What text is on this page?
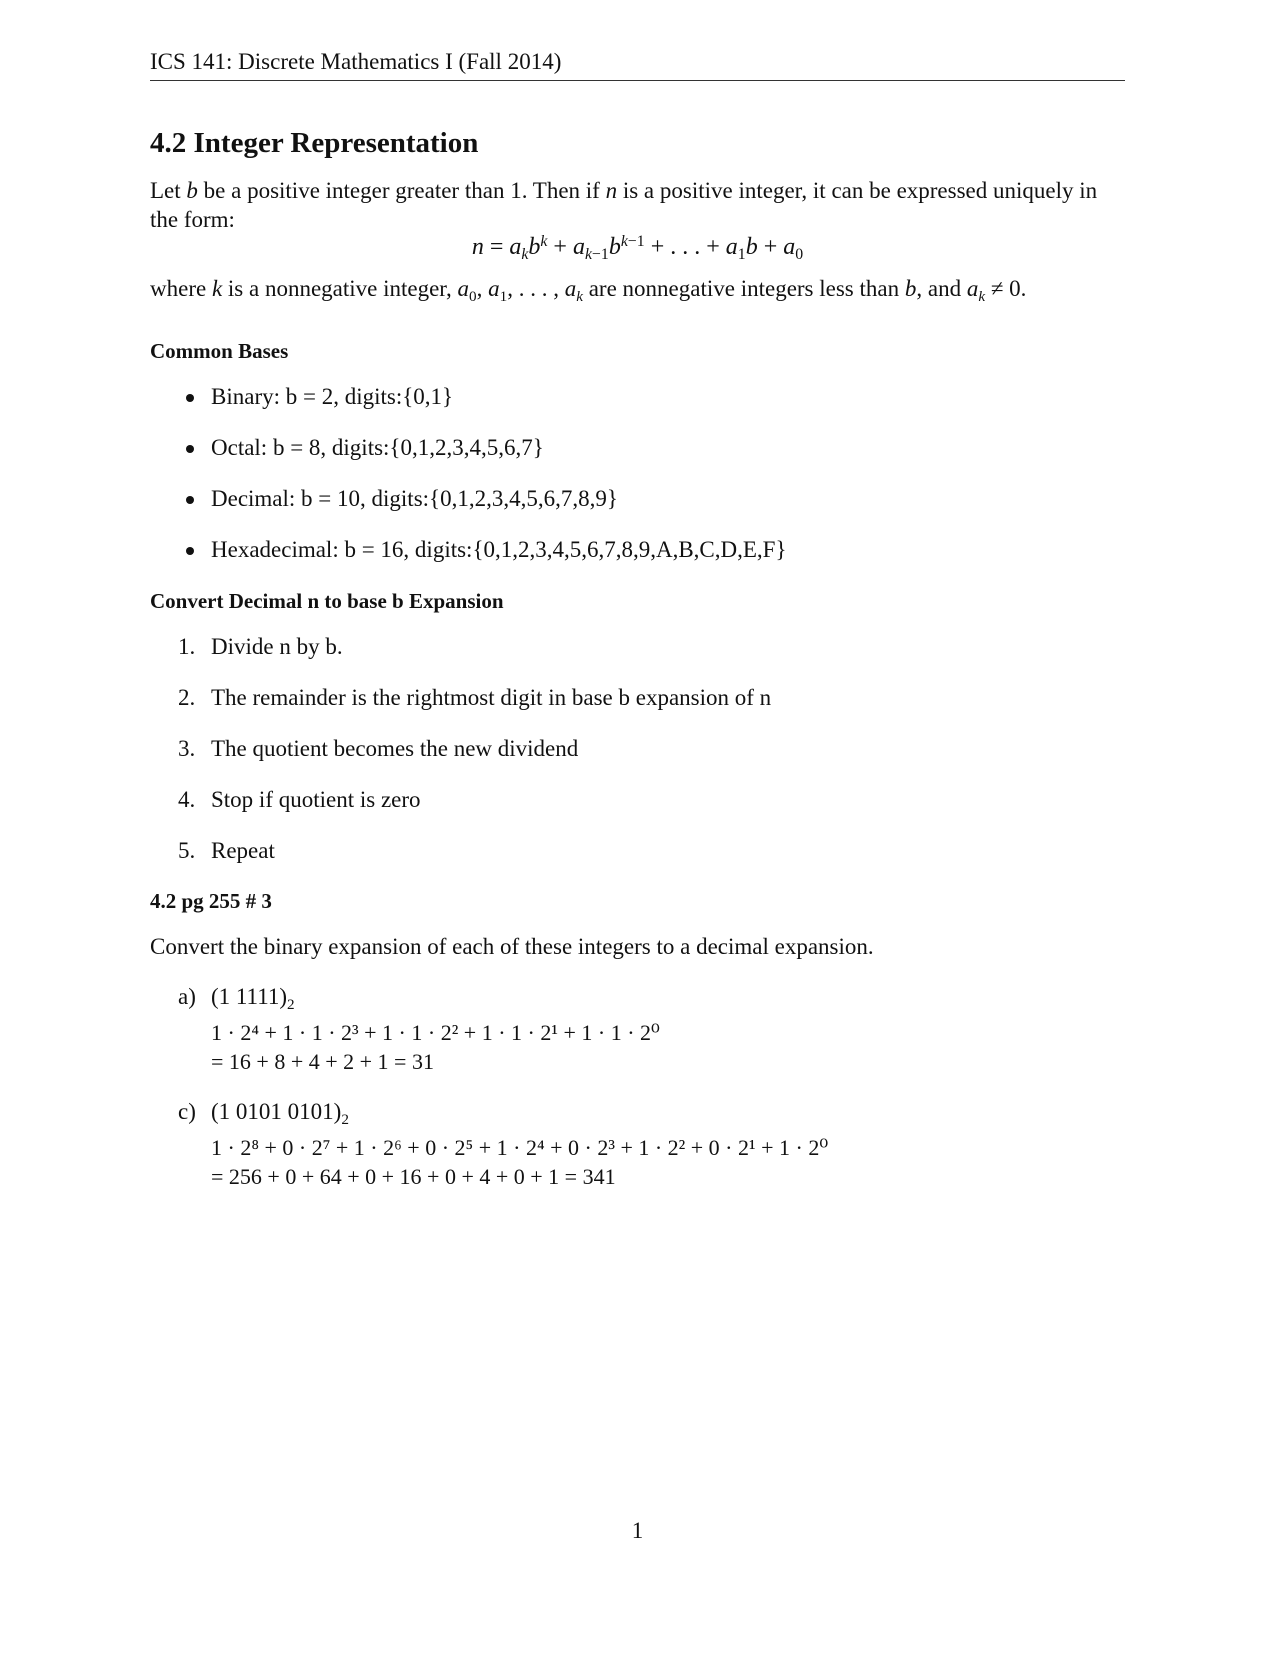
ICS 141: Discrete Mathematics I (Fall 2014)
4.2 Integer Representation

Let b be a positive integer greater than 1. Then if n is a positive integer, it can be expressed uniquely in the form:

$n = a_kb^k + a_{k-1}b^{k-1}$ + . . . + $a_1b + a_0$

where k is a nonnegative integer, $a_0$, $a_1$, . . . , $a_k$ are nonnegative integers less than b, and $a_k \ne 0$.

Common Bases
Binary: b = 2, digits:{0,1}
Octal: b = 8, digits:{0,1,2,3,4,5,6,7}
Decimal: b = 10, digits:{0,1,2,3,4,5,6,7,8,9}
Hexadecimal: b = 16, digits:{0,1,2,3,4,5,6,7,8,9,A,B,C,D,E,F}
Convert Decimal n to base b Expansion
1. Divide n by b.
2. The remainder is the rightmost digit in base b expansion of n
3. The quotient becomes the new dividend
4. Stop if quotient is zero
5. Repeat
4.2 pg 255 # 3

Convert the binary expansion of each of these integers to a decimal expansion.

a) (1 $1111)_2$
1 · 2⁴ + 1 · 1 · 2³ + 1 · 1 · 2² + 1 · 1 · 2¹ + 1 · 1 · 2⁰
= 16 + 8 + 4 + 2 + 1 = 31
c) (1 0101 $0101)_2$
1 · 2⁸ + 0 · 2⁷ + 1 · 2⁶ + 0 · 2⁵ + 1 · 2⁴ + 0 · 2³ + 1 · 2² + 0 · 2¹ + 1 · 2⁰
= 256 + 0 + 64 + 0 + 16 + 0 + 4 + 0 + 1 = 341
1
